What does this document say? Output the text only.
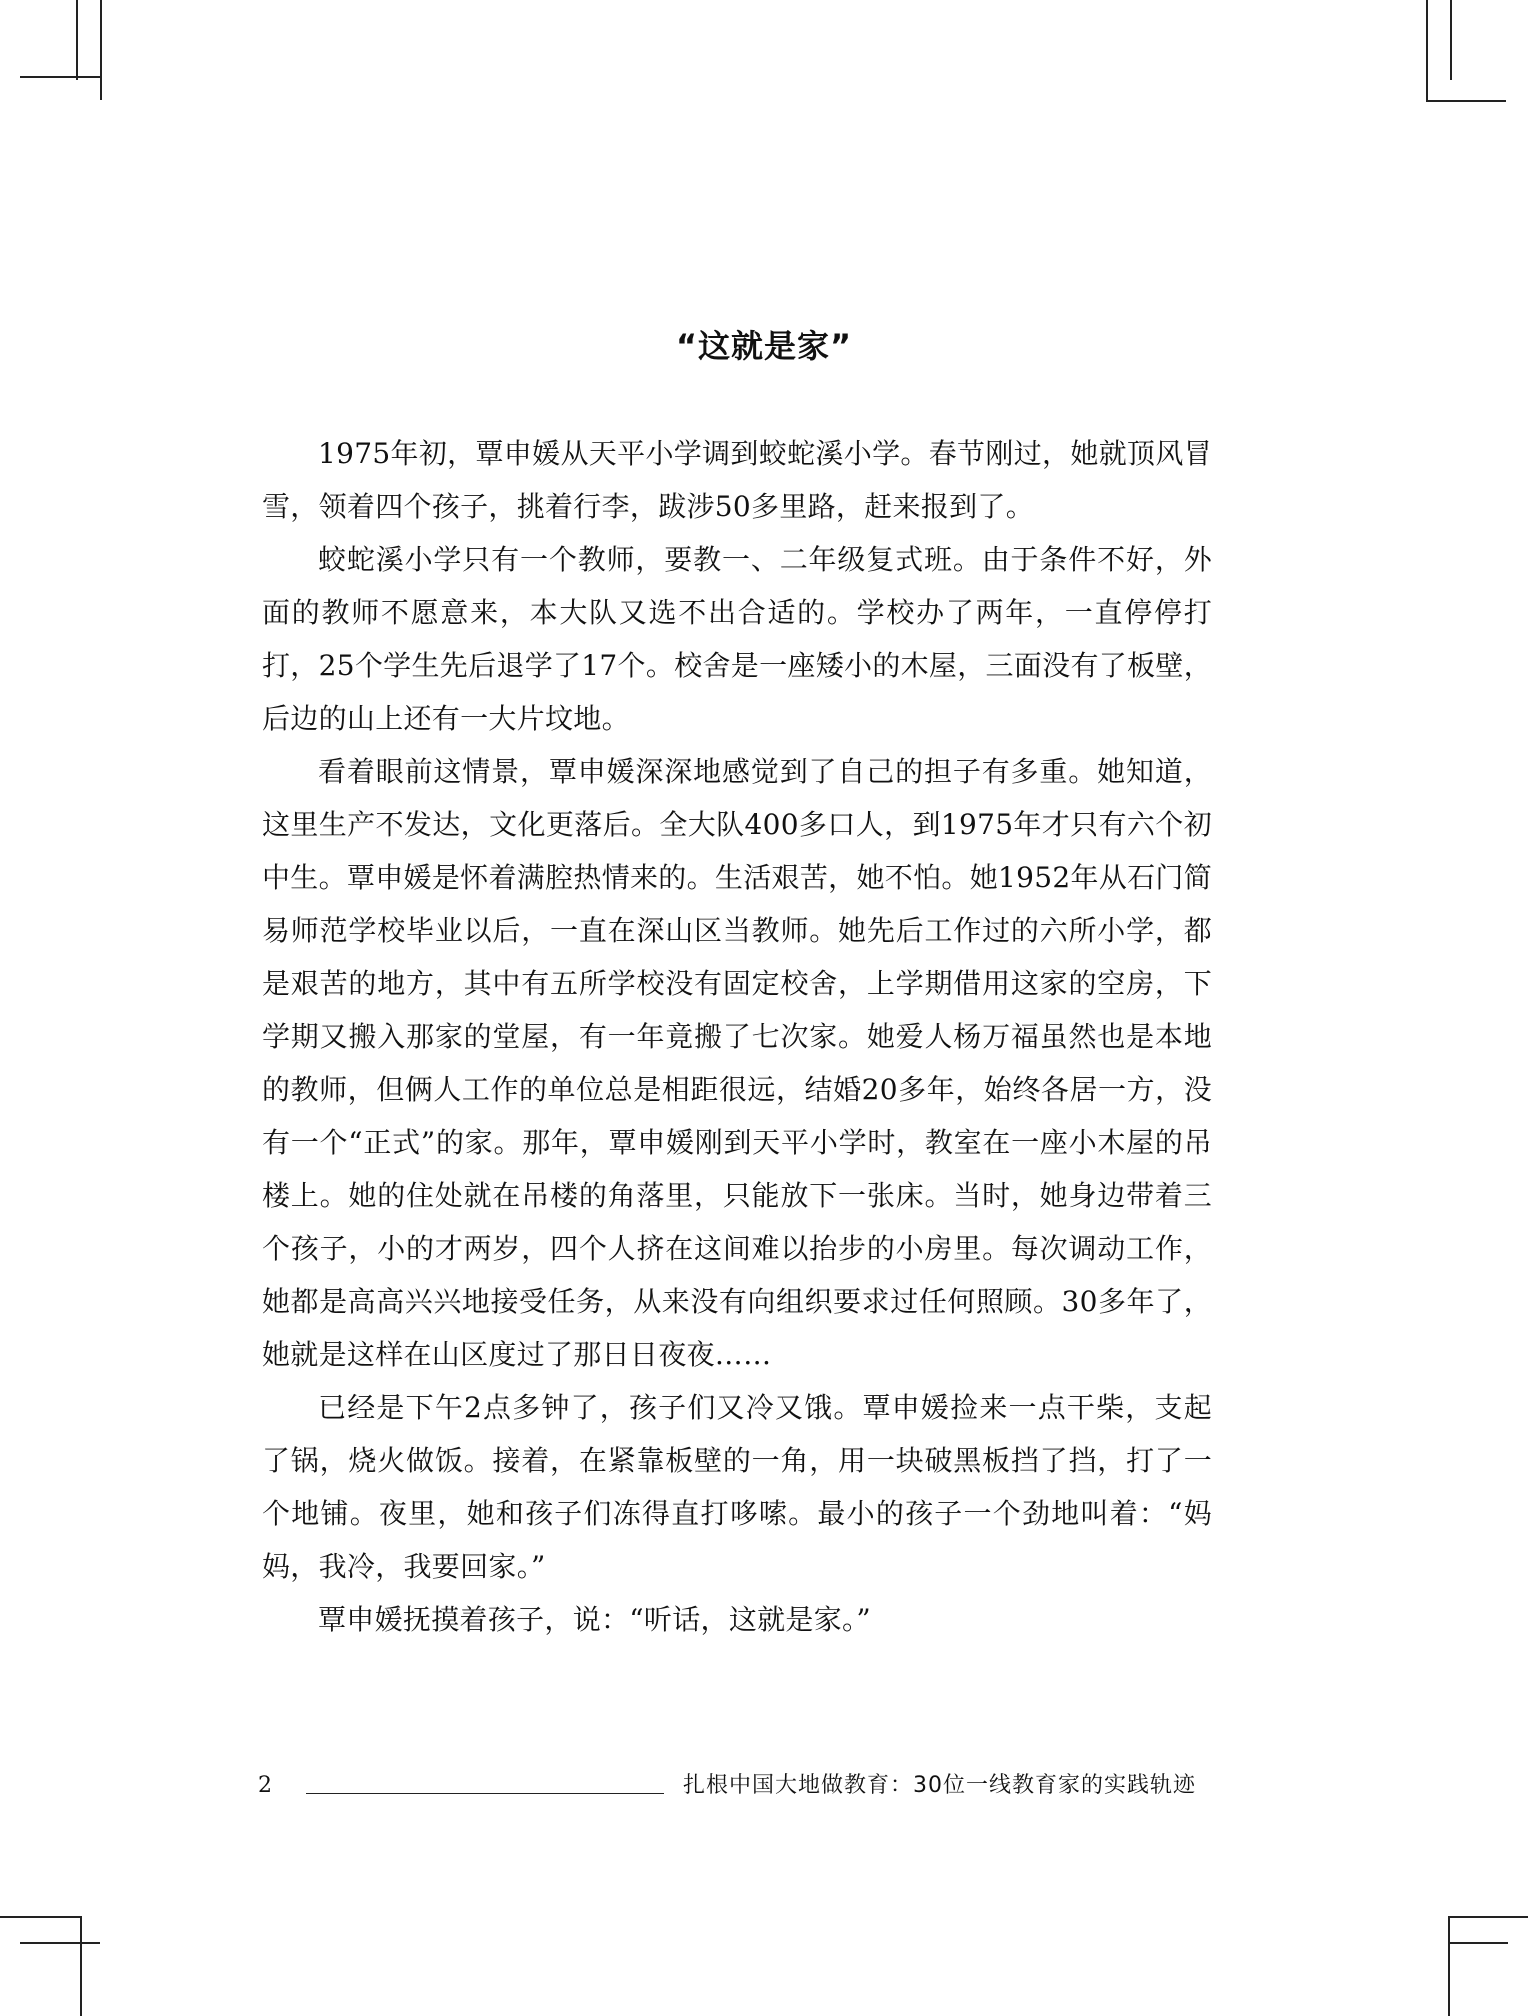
“这就是家”

1975年初，覃申媛从天平小学调到蛟蛇溪小学。春节刚过，她就顶风冒雪，领着四个孩子，挑着行李，跋涉50多里路，赶来报到了。

蛟蛇溪小学只有一个教师，要教一、二年级复式班。由于条件不好，外面的教师不愿意来，本大队又选不出合适的。学校办了两年，一直停停打打，25个学生先后退学了17个。校舍是一座矮小的木屋，三面没有了板壁，后边的山上还有一大片坟地。

看着眼前这情景，覃申媛深深地感觉到了自己的担子有多重。她知道，这里生产不发达，文化更落后。全大队400多口人，到1975年才只有六个初中生。覃申媛是怀着满腔热情来的。生活艰苦，她不怕。她1952年从石门简易师范学校毕业以后，一直在深山区当教师。她先后工作过的六所小学，都是艰苦的地方，其中有五所学校没有固定校舍，上学期借用这家的空房，下学期又搬入那家的堂屋，有一年竟搬了七次家。她爱人杨万福虽然也是本地的教师，但俩人工作的单位总是相距很远，结婚20多年，始终各居一方，没有一个“正式”的家。那年，覃申媛刚到天平小学时，教室在一座小木屋的吊楼上。她的住处就在吊楼的角落里，只能放下一张床。当时，她身边带着三个孩子，小的才两岁，四个人挤在这间难以抬步的小房里。每次调动工作，她都是高高兴兴地接受任务，从来没有向组织要求过任何照顾。30多年了，她就是这样在山区度过了那日日夜夜……

已经是下午2点多钟了，孩子们又冷又饿。覃申媛捡来一点干柴，支起了锅，烧火做饭。接着，在紧靠板壁的一角，用一块破黑板挡了挡，打了一个地铺。夜里，她和孩子们冻得直打哆嗦。最小的孩子一个劲地叫着：“妈妈，我冷，我要回家。”

覃申媛抚摸着孩子，说：“听话，这就是家。”

2	扎根中国大地做教育：30位一线教育家的实践轨迹
